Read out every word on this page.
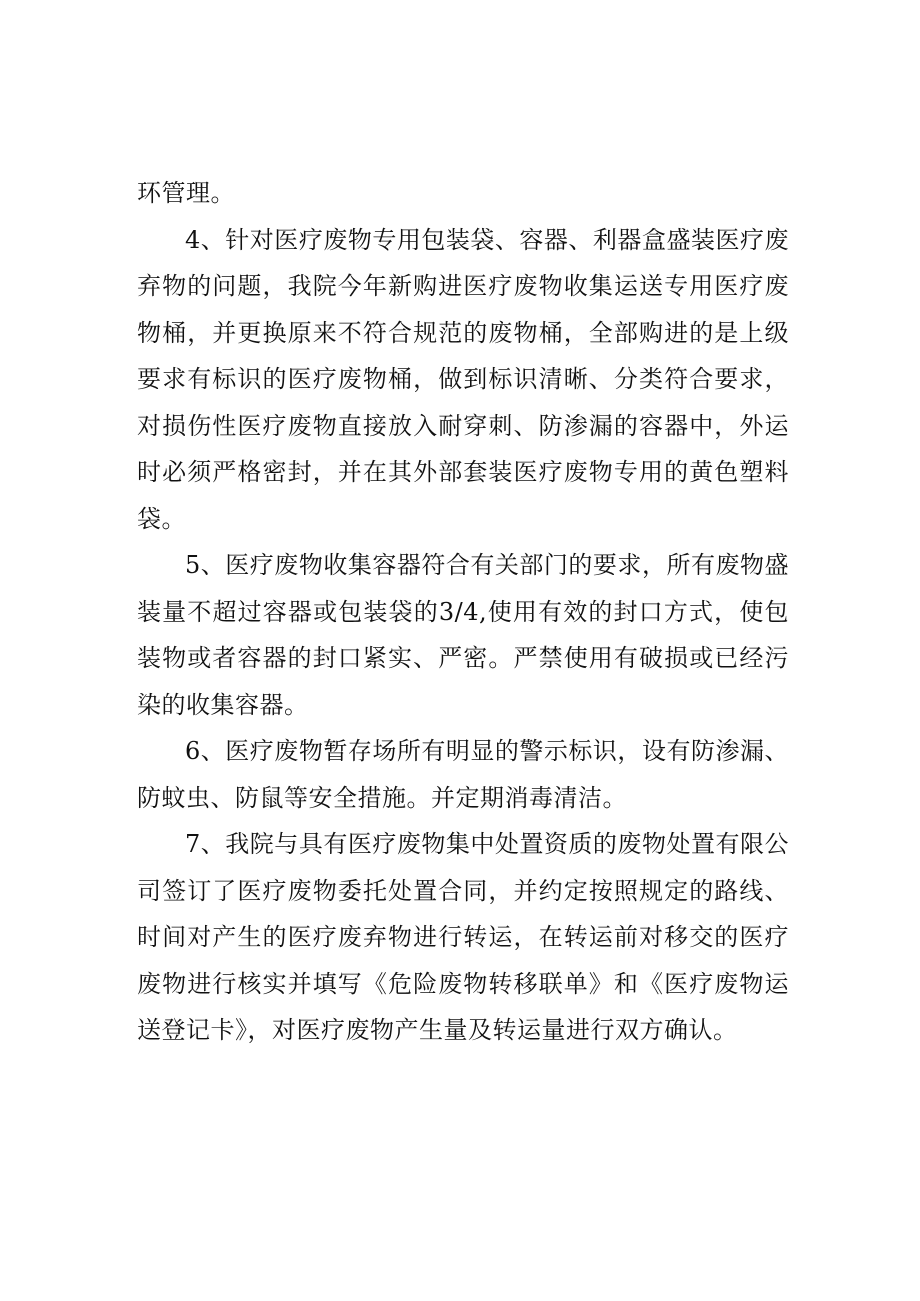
环管理。

4、针对医疗废物专用包装袋、容器、利器盒盛装医疗废弃物的问题，我院今年新购进医疗废物收集运送专用医疗废物桶，并更换原来不符合规范的废物桶，全部购进的是上级要求有标识的医疗废物桶，做到标识清晰、分类符合要求，对损伤性医疗废物直接放入耐穿刺、防渗漏的容器中，外运时必须严格密封，并在其外部套装医疗废物专用的黄色塑料袋。

5、医疗废物收集容器符合有关部门的要求，所有废物盛装量不超过容器或包装袋的3/4,使用有效的封口方式，使包装物或者容器的封口紧实、严密。严禁使用有破损或已经污染的收集容器。

6、医疗废物暂存场所有明显的警示标识，设有防渗漏、防蚊虫、防鼠等安全措施。并定期消毒清洁。

7、我院与具有医疗废物集中处置资质的废物处置有限公司签订了医疗废物委托处置合同，并约定按照规定的路线、时间对产生的医疗废弃物进行转运，在转运前对移交的医疗废物进行核实并填写《危险废物转移联单》和《医疗废物运送登记卡》，对医疗废物产生量及转运量进行双方确认。
